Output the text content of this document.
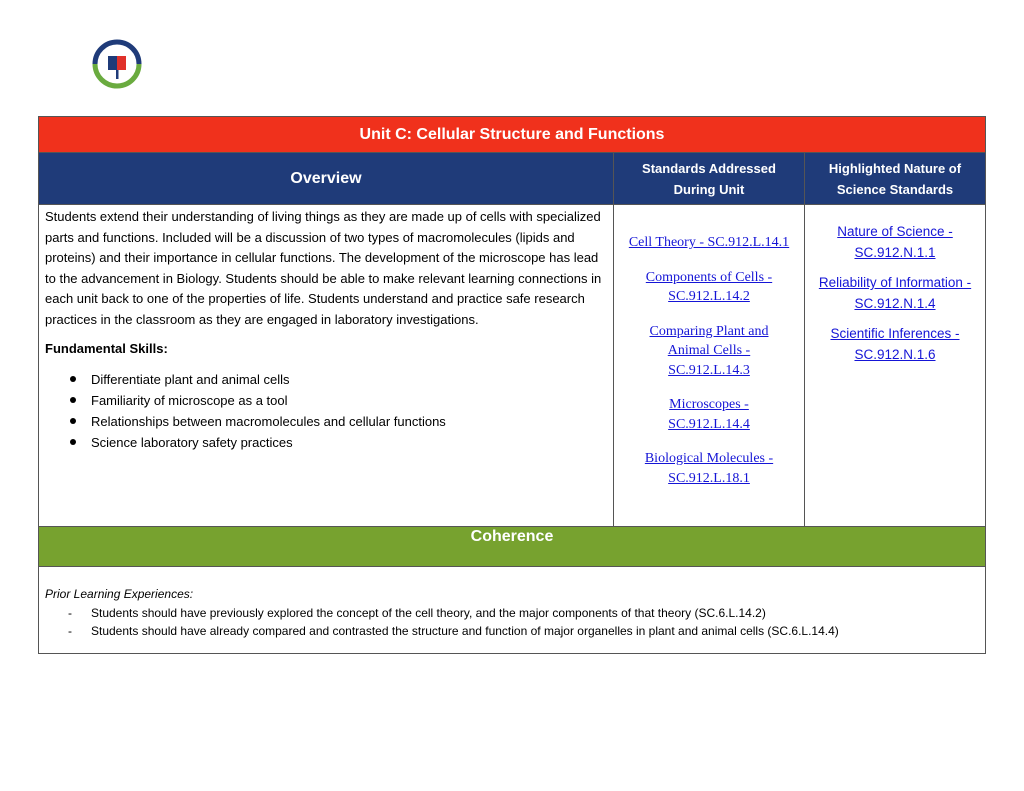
Unit C: Cellular Structure and Functions
Overview
Standards Addressed During Unit
Highlighted Nature of Science Standards

Students extend their understanding of living things as they are made up of cells with specialized parts and functions. Included will be a discussion of two types of macromolecules (lipids and proteins) and their importance in cellular functions. The development of the microscope has lead to the advancement in Biology. Students should be able to make relevant learning connections in each unit back to one of the properties of life. Students understand and practice safe research practices in the classroom as they are engaged in laboratory investigations.

Fundamental Skills:

Differentiate plant and animal cells
Familiarity of microscope as a tool
Relationships between macromolecules and cellular functions
Science laboratory safety practices
Cell Theory - SC.912.L.14.1
Components of Cells - SC.912.L.14.2
Comparing Plant and Animal Cells - SC.912.L.14.3
Microscopes - SC.912.L.14.4
Biological Molecules - SC.912.L.18.1
Nature of Science - SC.912.N.1.1
Reliability of Information - SC.912.N.1.4
Scientific Inferences - SC.912.N.1.6
Coherence
Prior Learning Experiences:
- Students should have previously explored the concept of the cell theory, and the major components of that theory (SC.6.L.14.2)
- Students should have already compared and contrasted the structure and function of major organelles in plant and animal cells (SC.6.L.14.4)
